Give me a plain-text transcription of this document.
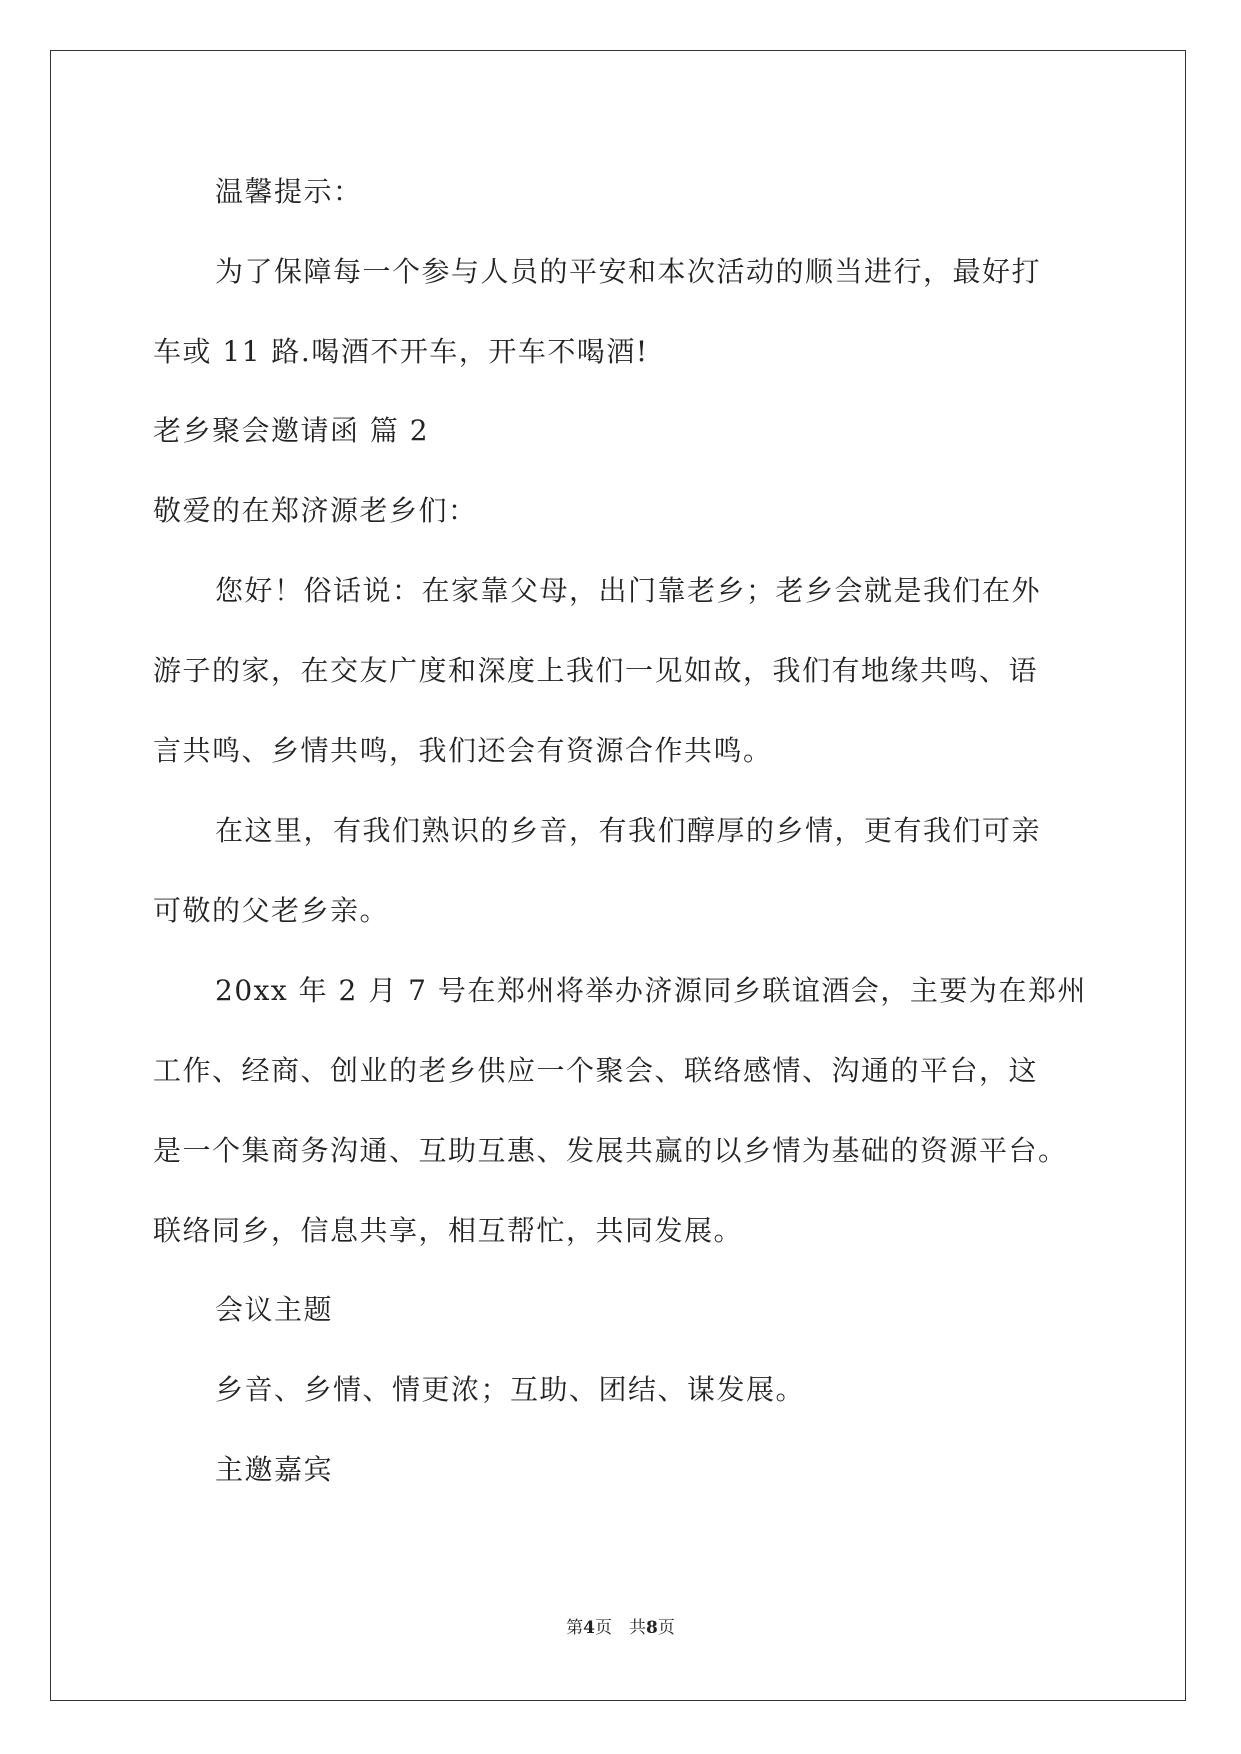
温馨提示：
为了保障每一个参与人员的平安和本次活动的顺当进行，最好打
车或 11 路.喝酒不开车，开车不喝酒!
老乡聚会邀请函 篇 2
敬爱的在郑济源老乡们：
您好！俗话说：在家靠父母，出门靠老乡；老乡会就是我们在外
游子的家，在交友广度和深度上我们一见如故，我们有地缘共鸣、语
言共鸣、乡情共鸣，我们还会有资源合作共鸣。
在这里，有我们熟识的乡音，有我们醇厚的乡情，更有我们可亲
可敬的父老乡亲。
20xx 年 2 月 7 号在郑州将举办济源同乡联谊酒会，主要为在郑州
工作、经商、创业的老乡供应一个聚会、联络感情、沟通的平台，这
是一个集商务沟通、互助互惠、发展共赢的以乡情为基础的资源平台。
联络同乡，信息共享，相互帮忙，共同发展。
会议主题
乡音、乡情、情更浓；互助、团结、谋发展。
主邀嘉宾
第4页　共8页
